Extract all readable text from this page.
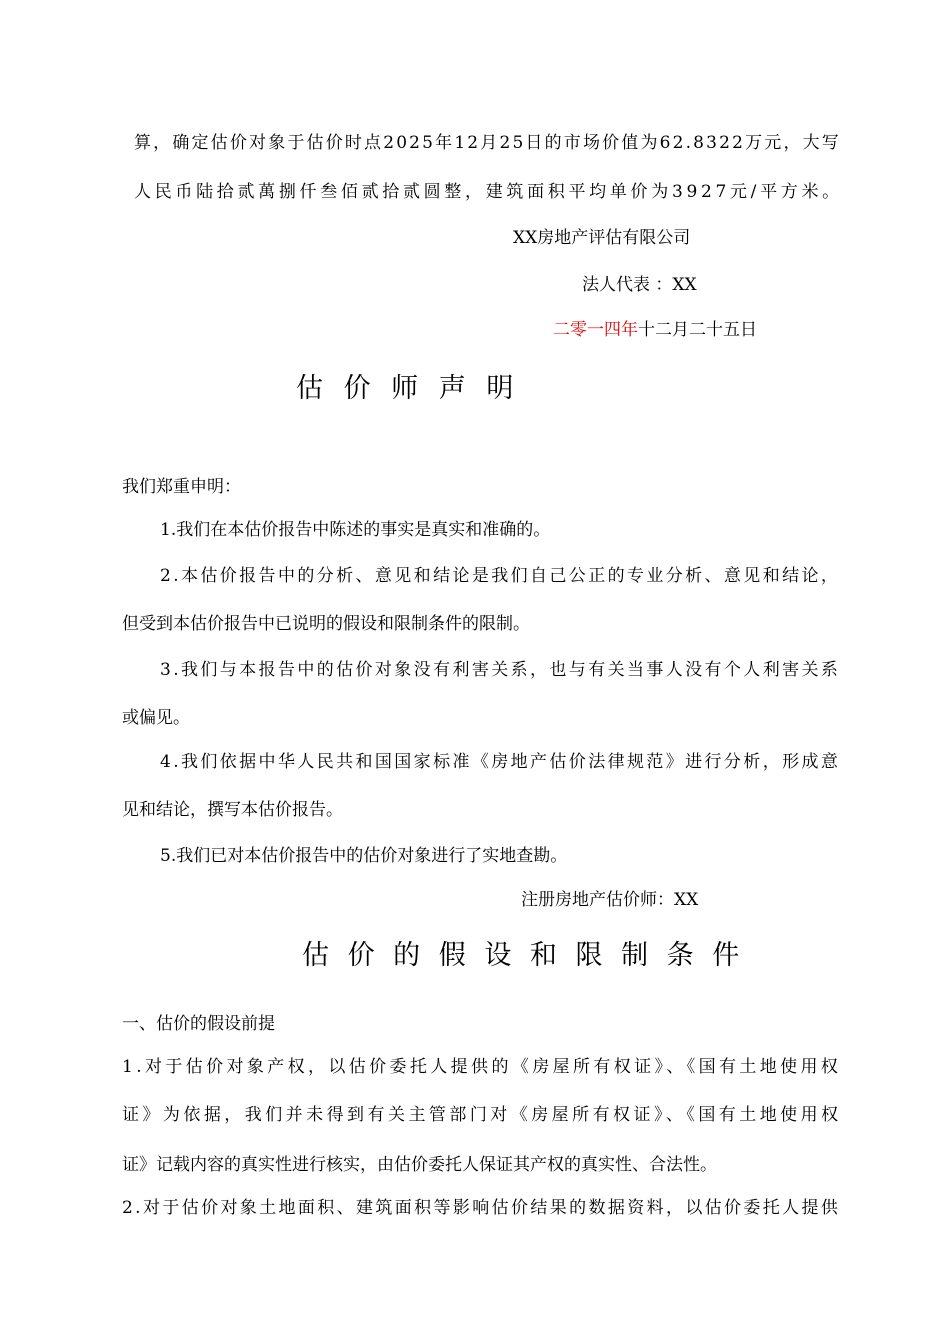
算，确定估价对象于估价时点2025年12月25日的市场价值为62.8322万元，大写
人民币陆拾贰萬捌仟叁佰贰拾贰圆整，建筑面积平均单价为3927元/平方米。
XX房地产评估有限公司
法人代表 ：XX
二零一四年十二月二十五日
估 价 师 声 明
我们郑重申明：
1.我们在本估价报告中陈述的事实是真实和准确的。
2.本估价报告中的分析、意见和结论是我们自己公正的专业分析、意见和结论，
但受到本估价报告中已说明的假设和限制条件的限制。
3.我们与本报告中的估价对象没有利害关系，也与有关当事人没有个人利害关系
或偏见。
4.我们依据中华人民共和国国家标准《房地产估价法律规范》进行分析，形成意
见和结论，撰写本估价报告。
5.我们已对本估价报告中的估价对象进行了实地查勘。
注册房地产估价师：XX
估 价 的 假 设 和 限 制 条 件
一、估价的假设前提
1.对于估价对象产权，以估价委托人提供的《房屋所有权证》、《国有土地使用权
证》为依据，我们并未得到有关主管部门对《房屋所有权证》、《国有土地使用权
证》记载内容的真实性进行核实，由估价委托人保证其产权的真实性、合法性。
2.对于估价对象土地面积、建筑面积等影响估价结果的数据资料，以估价委托人提供
